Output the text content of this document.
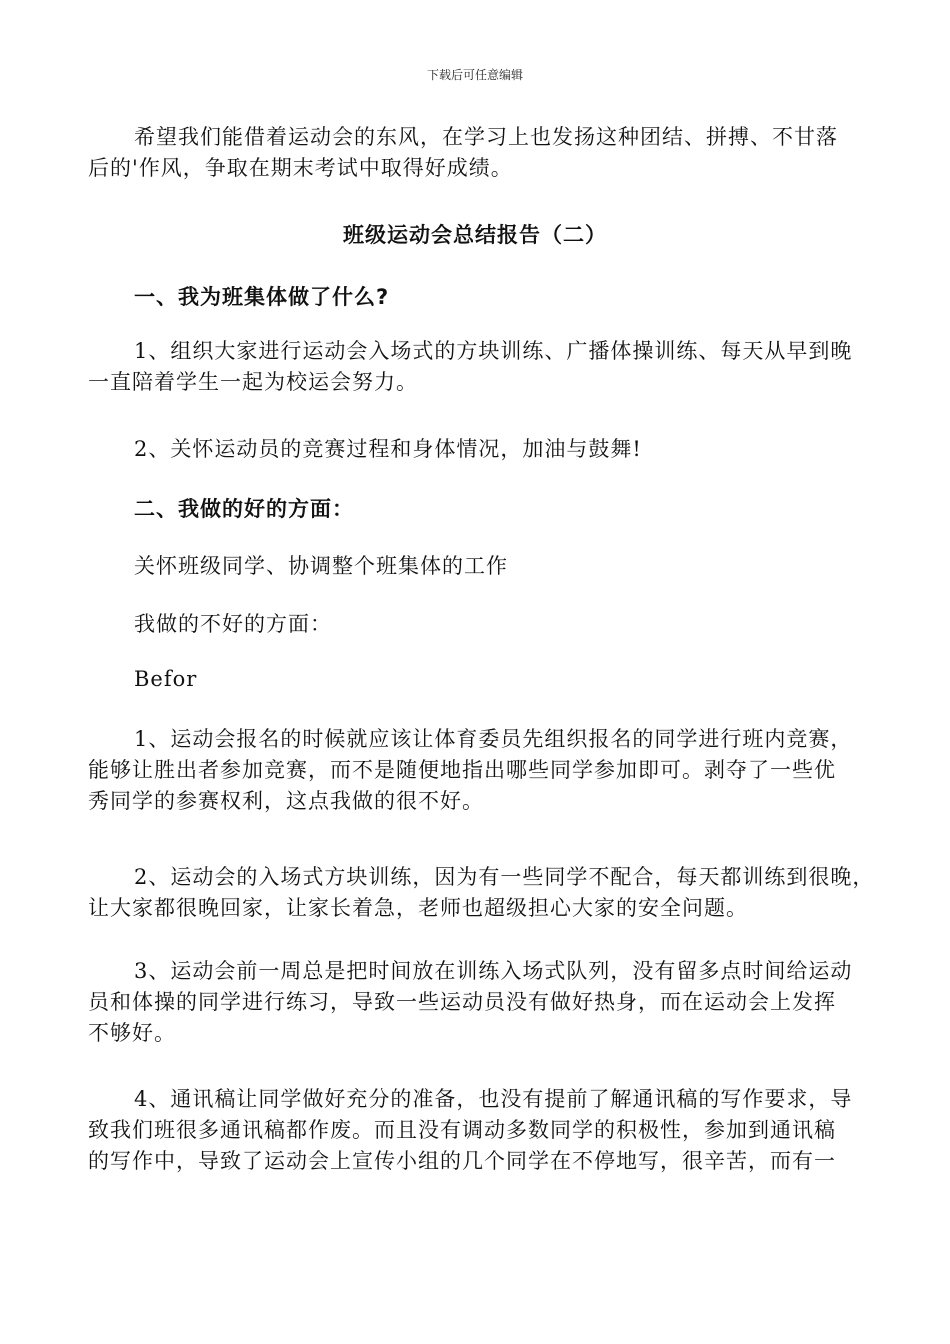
下载后可任意编辑
希望我们能借着运动会的东风，在学习上也发扬这种团结、拼搏、不甘落
后的'作风，争取在期末考试中取得好成绩。
班级运动会总结报告（二）
一、我为班集体做了什么?
1、组织大家进行运动会入场式的方块训练、广播体操训练、每天从早到晚
一直陪着学生一起为校运会努力。
2、关怀运动员的竞赛过程和身体情况，加油与鼓舞!
二、我做的好的方面：
关怀班级同学、协调整个班集体的工作
我做的不好的方面：
Befor
1、运动会报名的时候就应该让体育委员先组织报名的同学进行班内竞赛，
能够让胜出者参加竞赛，而不是随便地指出哪些同学参加即可。剥夺了一些优
秀同学的参赛权利，这点我做的很不好。
2、运动会的入场式方块训练，因为有一些同学不配合，每天都训练到很晚，
让大家都很晚回家，让家长着急，老师也超级担心大家的安全问题。
3、运动会前一周总是把时间放在训练入场式队列，没有留多点时间给运动
员和体操的同学进行练习，导致一些运动员没有做好热身，而在运动会上发挥
不够好。
4、通讯稿让同学做好充分的准备，也没有提前了解通讯稿的写作要求，导
致我们班很多通讯稿都作废。而且没有调动多数同学的积极性，参加到通讯稿
的写作中，导致了运动会上宣传小组的几个同学在不停地写，很辛苦，而有一
